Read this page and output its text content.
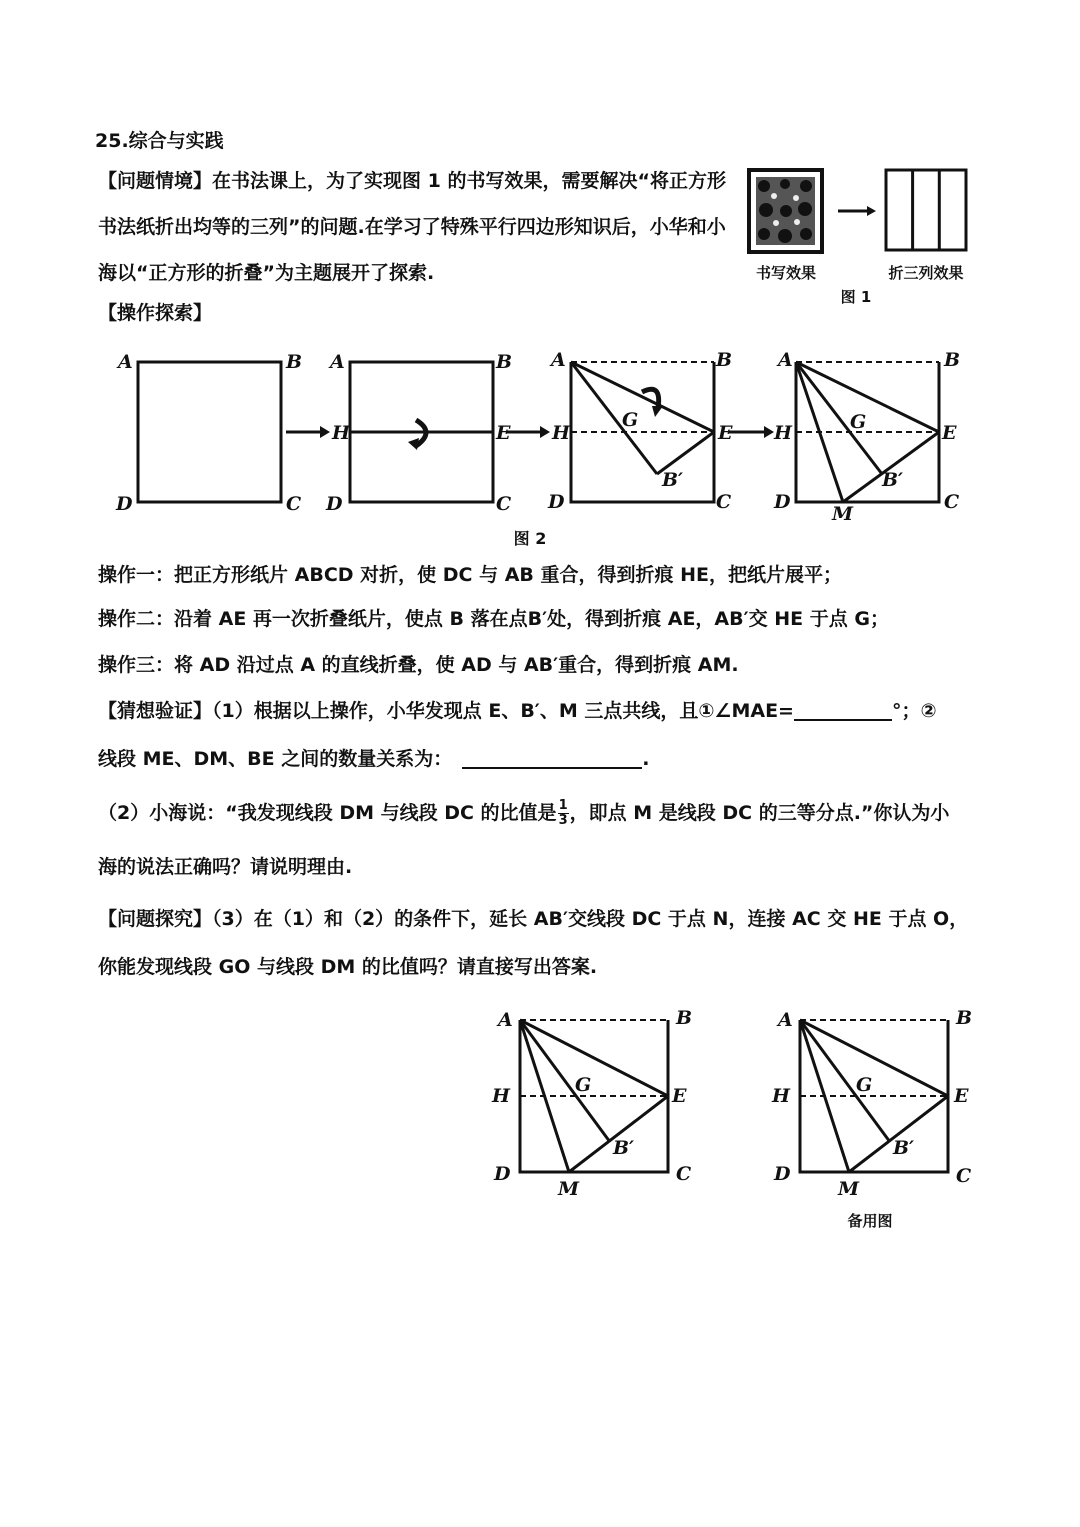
25.综合与实践
【问题情境】在书法课上，为了实现图 1 的书写效果，需要解决“将正方形书法纸折出均等的三列”的问题.在学习了特殊平行四边形知识后，小华和小海以“正方形的折叠”为主题展开了探索.	书写效果	折三列效果
图 1
【操作探索】
A	B
D	C
A	B
D	C
H	E
A	B
D	C
H	E
G
B′
A	B
D	C
H	E
G
B′
M
图 2
操作一：把正方形纸片 ABCD 对折，使 DC 与 AB 重合，得到折痕 HE，把纸片展平；
操作二：沿着 AE 再一次折叠纸片，使点 B 落在点B′处，得到折痕 AE，AB′交 HE 于点 G；
操作三：将 AD 沿过点 A 的直线折叠，使 AD 与 AB′重合，得到折痕 AM.
【猜想验证】（1）根据以上操作，小华发现点 E、B′、M 三点共线，且①∠MAE=	°；②
线段 ME、DM、BE 之间的数量关系为：	.
（2）小海说：“我发现线段 DM 与线段 DC 的比值是 $\frac{1}{3}$ ，即点 M 是线段 DC 的三等分点.”你认为小
海的说法正确吗？请说明理由.
【问题探究】（3）在（1）和（2）的条件下，延长 AB′交线段 DC 于点 N，连接 AC 交 HE 于点 O，
你能发现线段 GO 与线段 DM 的比值吗？请直接写出答案.
A	B
H	E
D	C
G
B′
M
A	B
H	E
D	C
G
B′
M
备用图
